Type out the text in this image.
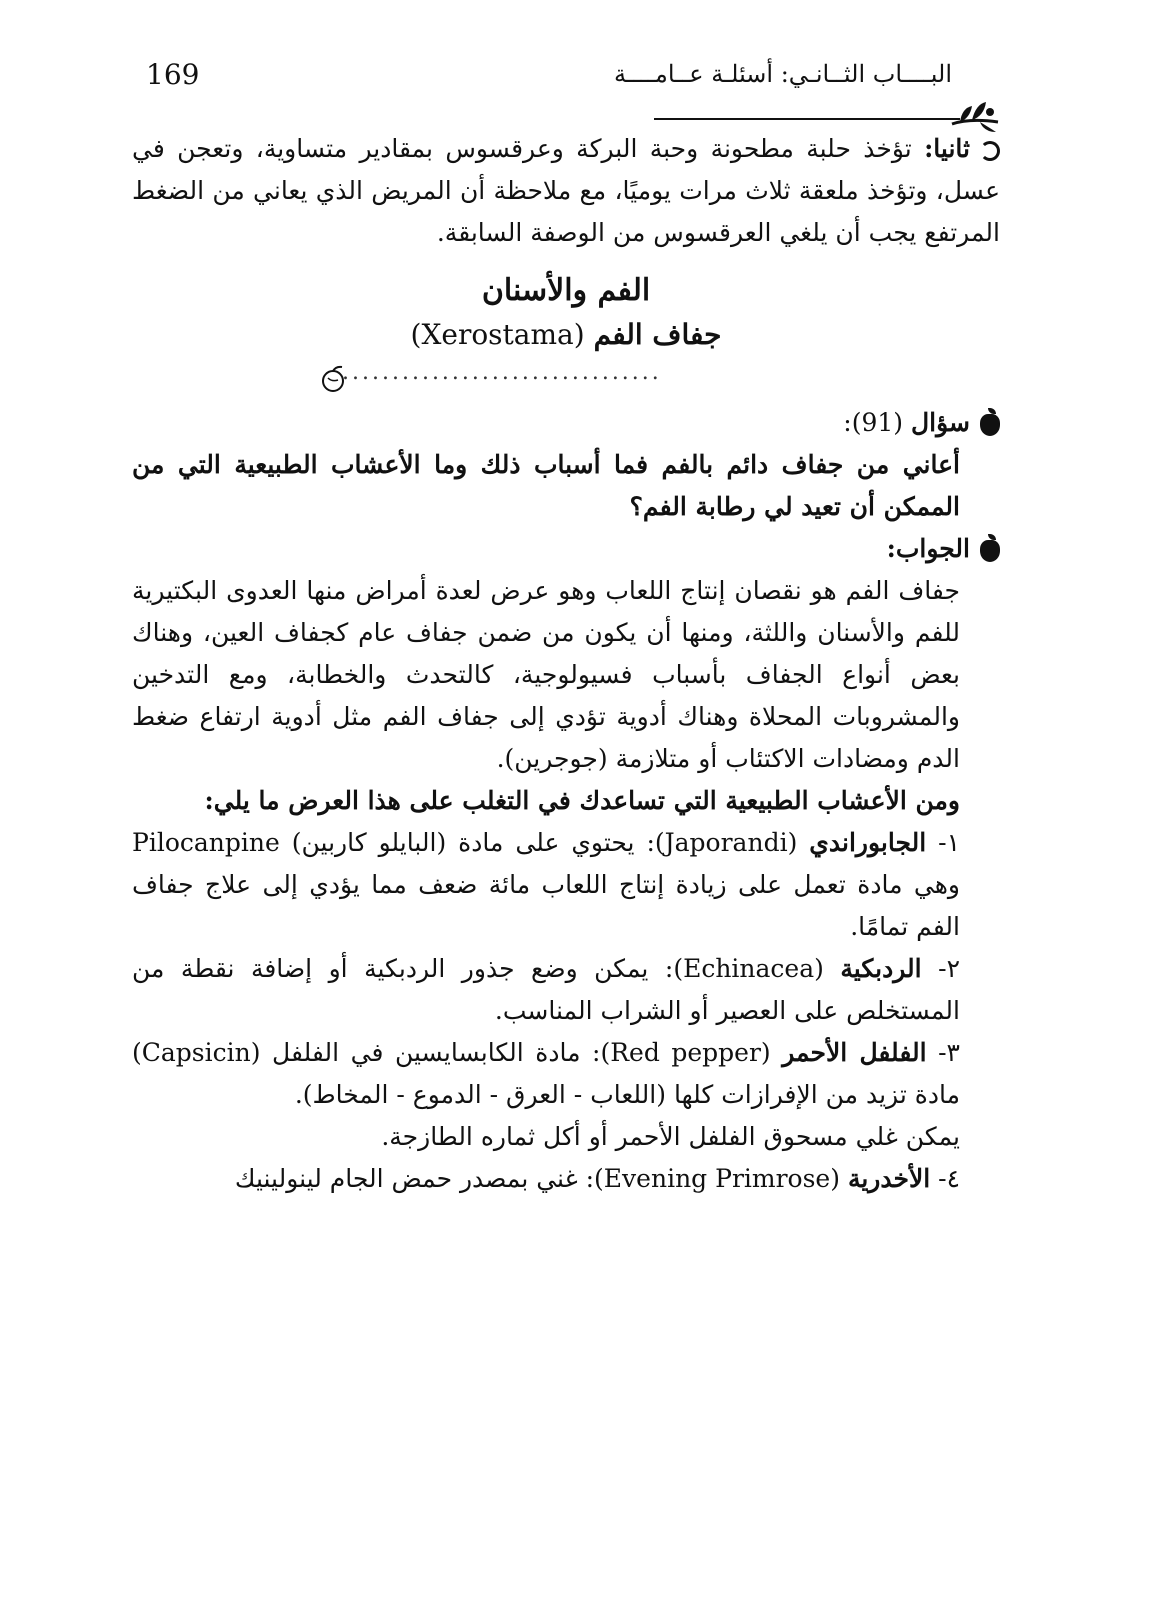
169	البــــاب الثــانـي: أسئلـة عــامــــة

ثانيا: تؤخذ حلبة مطحونة وحبة البركة وعرقسوس بمقادير متساوية، وتعجن في عسل، وتؤخذ ملعقة ثلاث مرات يوميًا، مع ملاحظة أن المريض الذي يعاني من الضغط المرتفع يجب أن يلغي العرقسوس من الوصفة السابقة.

الفم والأسنان
جفاف الفم (Xerostama)
................................

سؤال (91):

أعاني من جفاف دائم بالفم فما أسباب ذلك وما الأعشاب الطبيعية التي من الممكن أن تعيد لي رطابة الفم؟

الجواب:

جفاف الفم هو نقصان إنتاج اللعاب وهو عرض لعدة أمراض منها العدوى البكتيرية للفم والأسنان واللثة، ومنها أن يكون من ضمن جفاف عام كجفاف العين، وهناك بعض أنواع الجفاف بأسباب فسيولوجية، كالتحدث والخطابة، ومع التدخين والمشروبات المحلاة وهناك أدوية تؤدي إلى جفاف الفم مثل أدوية ارتفاع ضغط الدم ومضادات الاكتئاب أو متلازمة (جوجرين).

ومن الأعشاب الطبيعية التي تساعدك في التغلب على هذا العرض ما يلي:

١- الجابوراندي (Japorandi): يحتوي على مادة (البايلو كاربين) Pilocanpine وهي مادة تعمل على زيادة إنتاج اللعاب مائة ضعف مما يؤدي إلى علاج جفاف الفم تمامًا.

٢- الردبكية (Echinacea): يمكن وضع جذور الردبكية أو إضافة نقطة من المستخلص على العصير أو الشراب المناسب.

٣- الفلفل الأحمر (Red pepper): مادة الكابسايسين في الفلفل (Capsicin) مادة تزيد من الإفرازات كلها (اللعاب - العرق - الدموع - المخاط).

يمكن غلي مسحوق الفلفل الأحمر أو أكل ثماره الطازجة.

٤- الأخدرية (Evening Primrose): غني بمصدر حمض الجام لينولينيك
